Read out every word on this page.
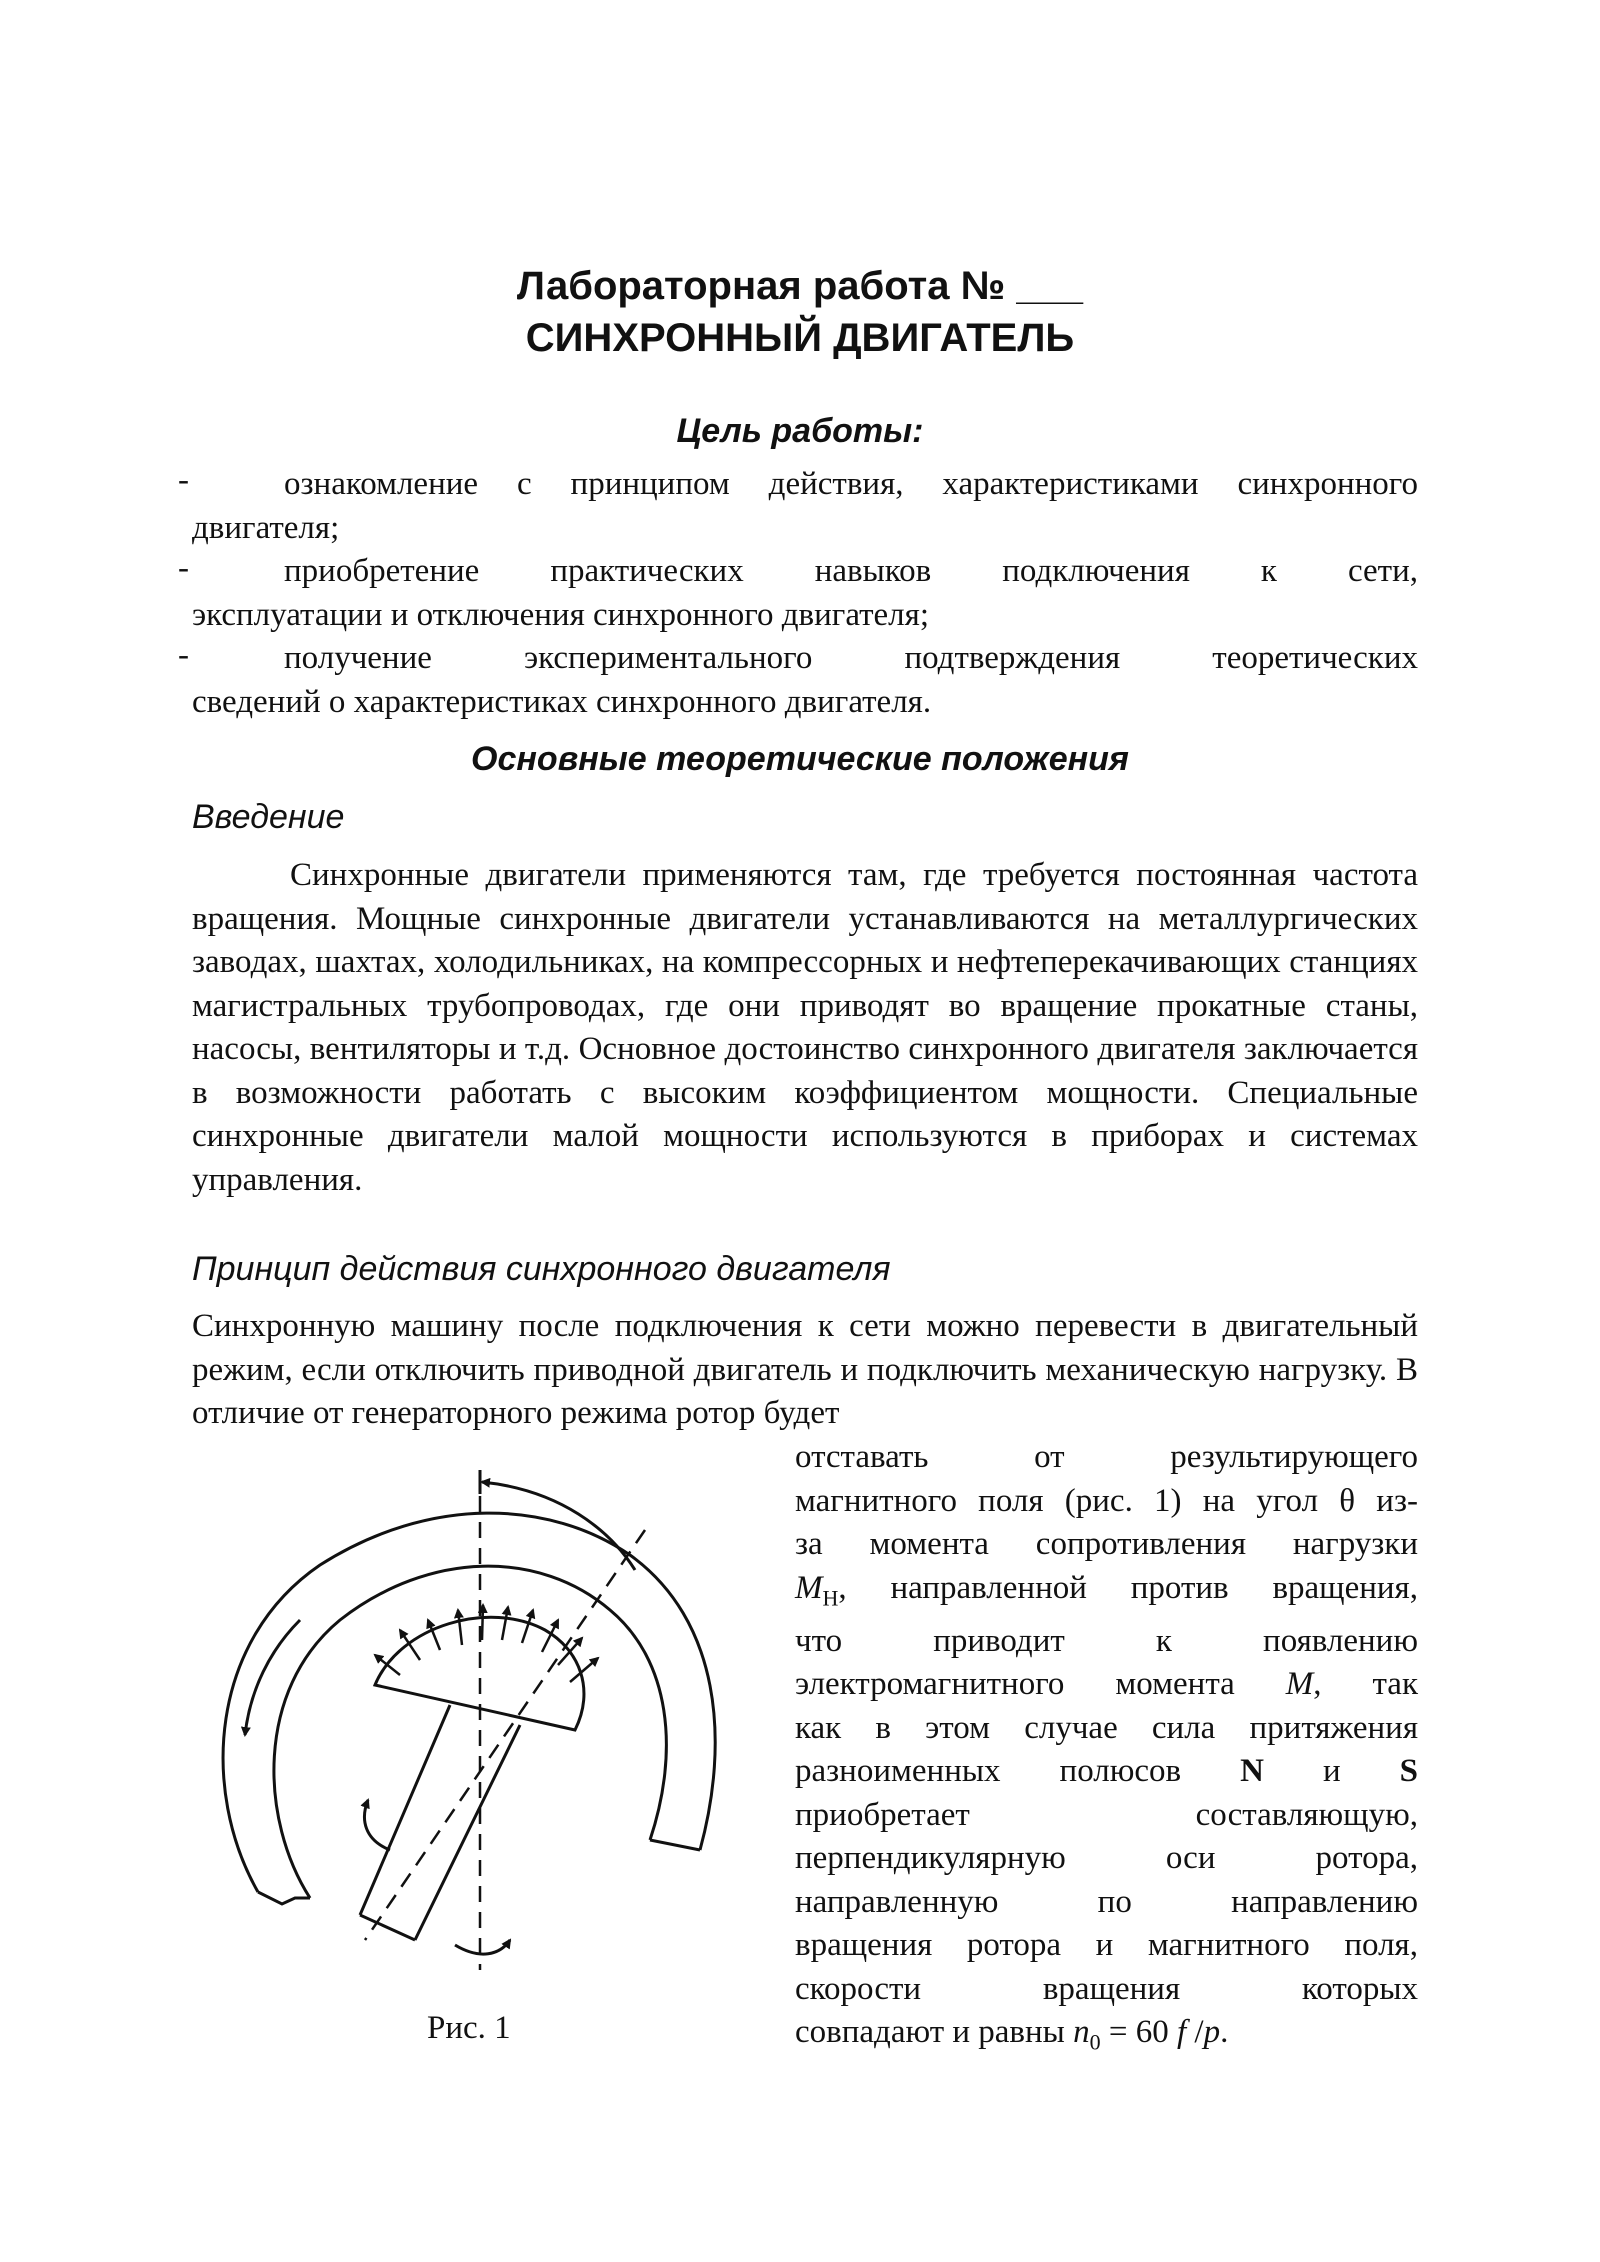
Лабораторная работа № ___
СИНХРОННЫЙ ДВИГАТЕЛЬ
Цель работы:
-	ознакомление с принципом действия, характеристиками синхронного
двигателя;
-	приобретение практических навыков подключения к сети,
эксплуатации и отключения синхронного двигателя;
-	получение экспериментального подтверждения теоретических
сведений о характеристиках синхронного двигателя.
Основные теоретические положения
Введение
Синхронные двигатели применяются там, где требуется постоянная частота вращения. Мощные синхронные двигатели устанавливаются на металлургических заводах, шахтах, холодильниках, на компрессорных и нефтеперекачивающих станциях магистральных трубопроводах, где они приводят во вращение прокатные станы, насосы, вентиляторы и т.д. Основное достоинство синхронного двигателя заключается в возможности работать с высоким коэффициентом мощности. Специальные синхронные двигатели малой мощности используются в приборах и системах управления.
Принцип действия синхронного двигателя
Синхронную машину после подключения к сети можно перевести в двигательный режим, если отключить приводной двигатель и подключить механическую нагрузку. В отличие от генераторного режима ротор будет
отставать от результирующего
магнитного поля (рис. 1) на угол θ из-
за момента сопротивления нагрузки
$M_Н$, направленной против вращения,
что приводит к появлению
электромагнитного момента M, так
как в этом случае сила притяжения
разноименных полюсов N и S
приобретает составляющую,
перпендикулярную оси ротора,
направленную по направлению
вращения ротора и магнитного поля,
скорости вращения которых
совпадают и равны $n_0 = 60$ f /p.
Рис. 1
